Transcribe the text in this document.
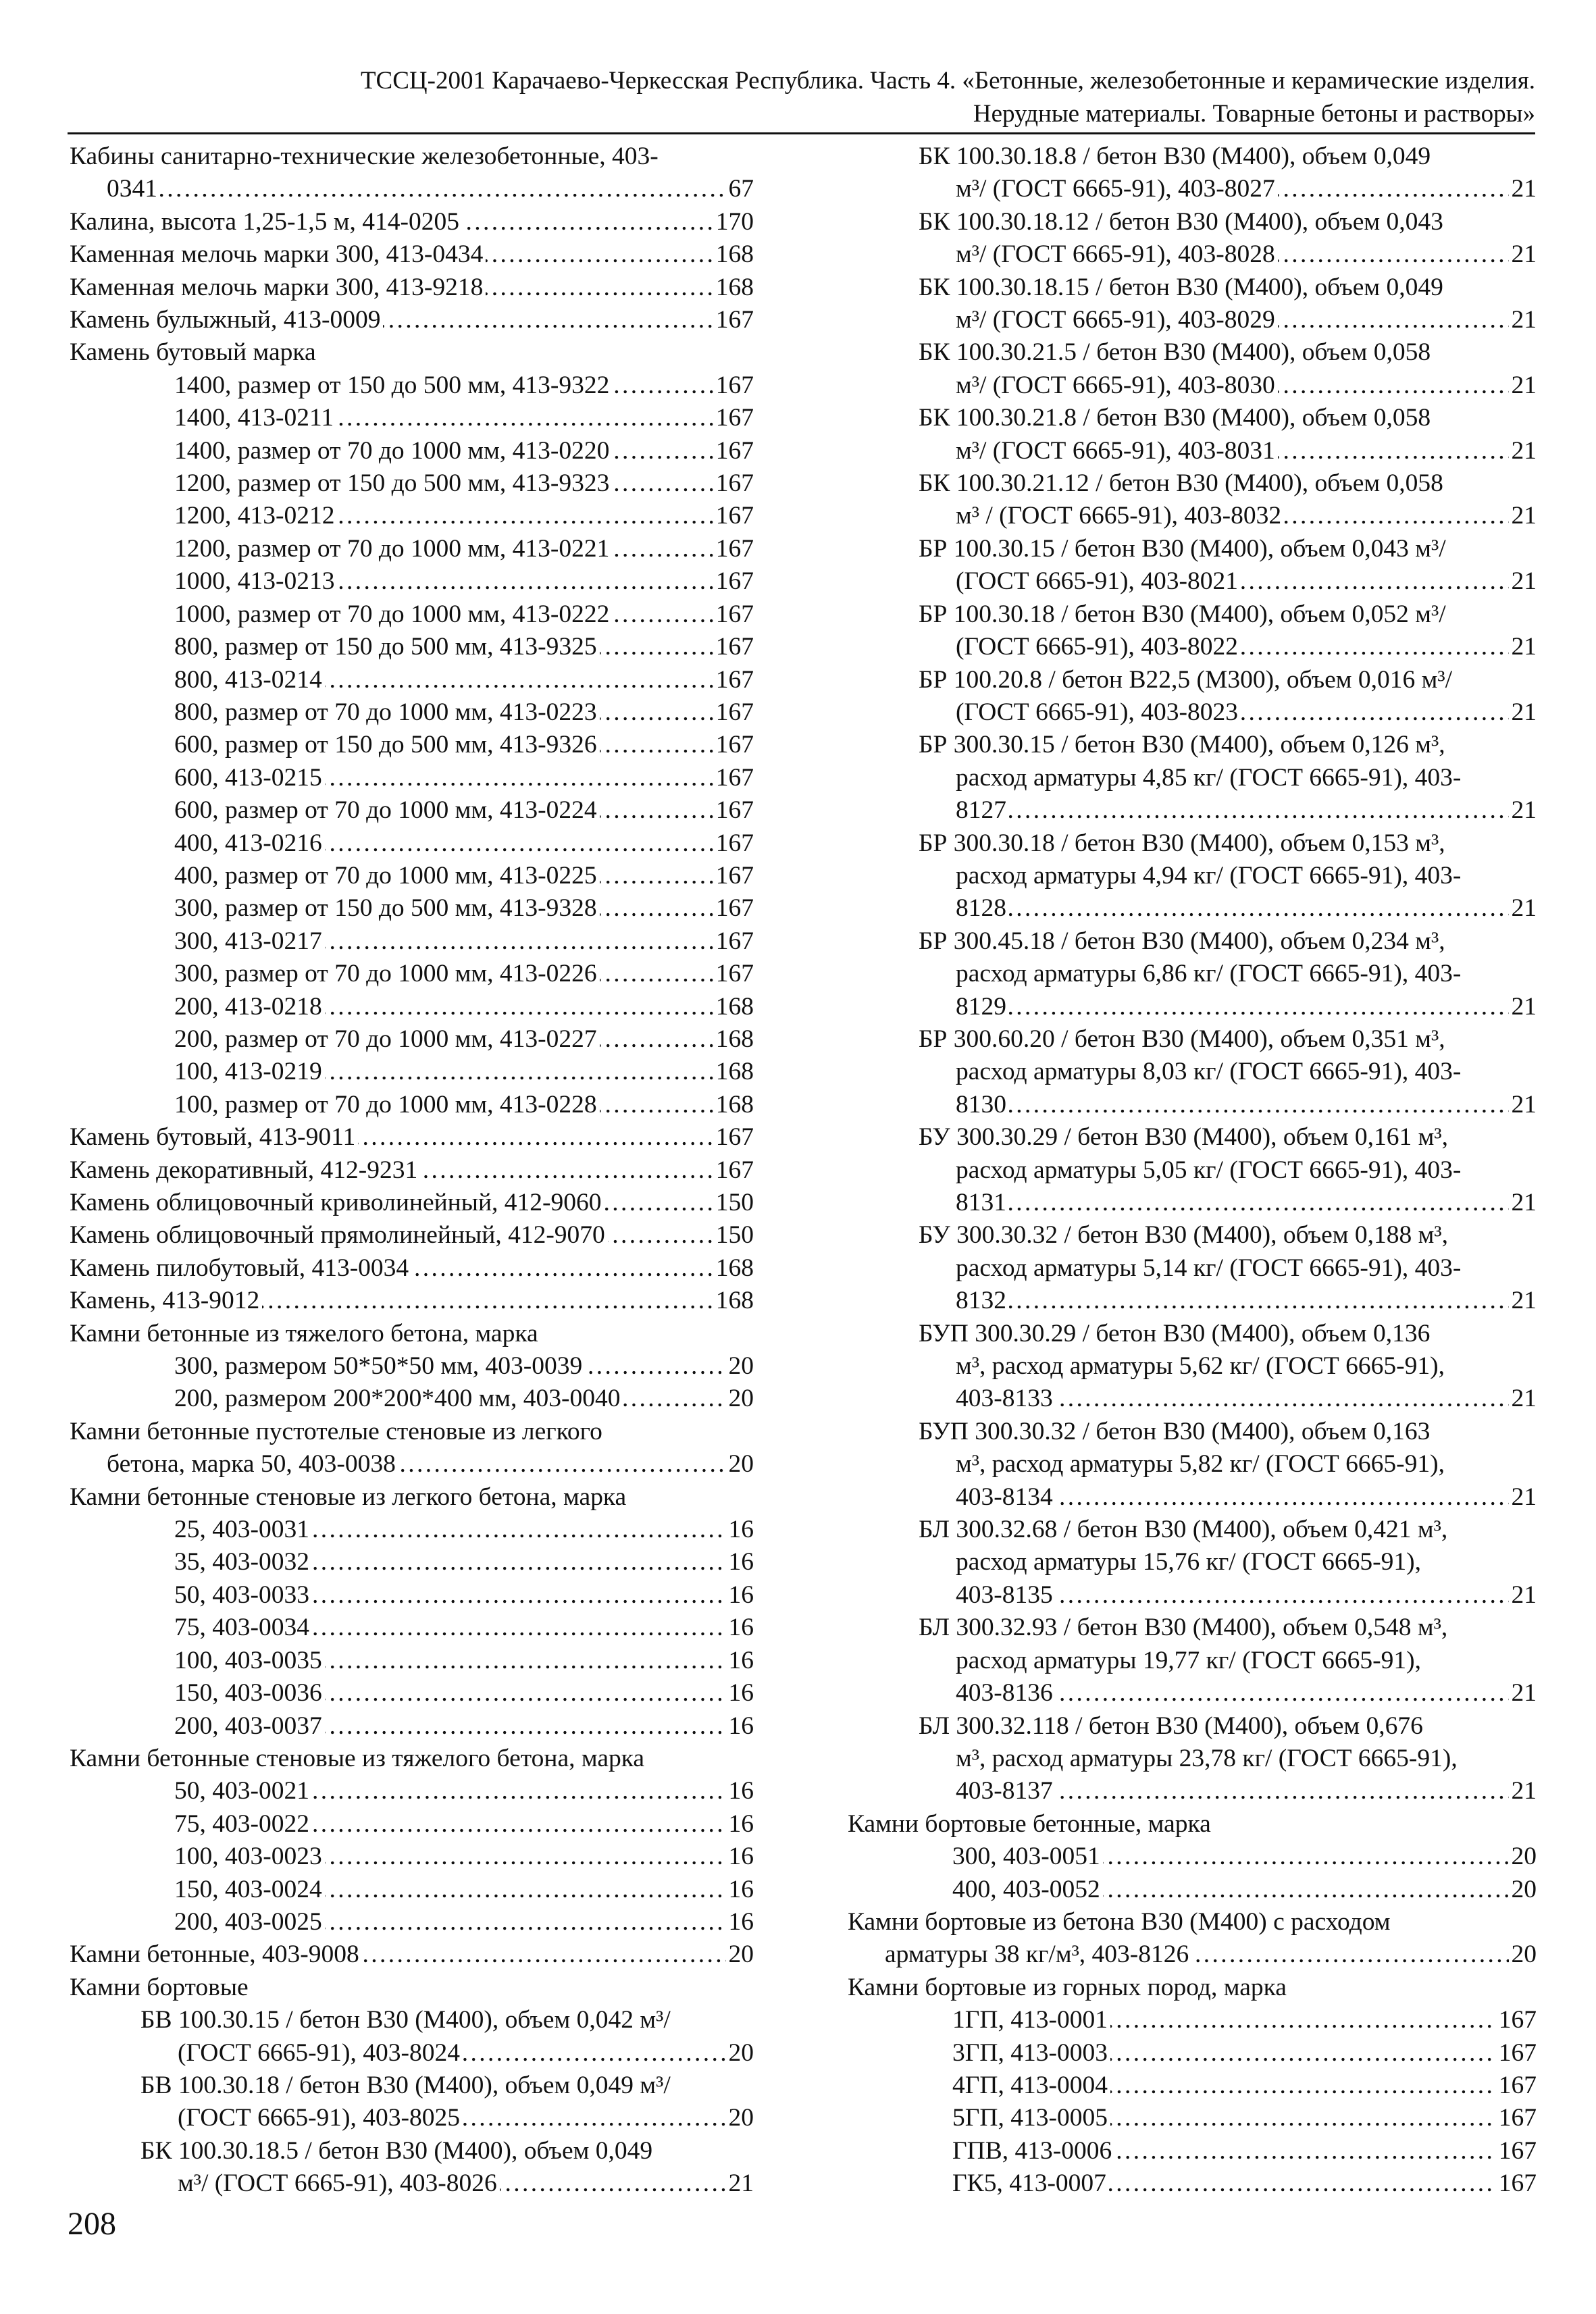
ТССЦ-2001 Карачаево-Черкесская Республика. Часть 4. «Бетонные, железобетонные и керамические изделия.
Нерудные материалы. Товарные бетоны и растворы»
Кабины санитарно-технические железобетонные, 403-
. . . 67
0341
. . . 170
Калина, высота 1,25-1,5 м, 414-0205
. . . 168
Каменная мелочь марки 300, 413-0434
. . . 168
Каменная мелочь марки 300, 413-9218
. . . 167
Камень булыжный, 413-0009
Камень бутовый марка
. . . 167
1400, размер от 150 до 500 мм, 413-9322
. . . 167
1400, 413-0211
. . . 167
1400, размер от 70 до 1000 мм, 413-0220
. . . 167
1200, размер от 150 до 500 мм, 413-9323
. . . 167
1200, 413-0212
. . . 167
1200, размер от 70 до 1000 мм, 413-0221
. . . 167
1000, 413-0213
. . . 167
1000, размер от 70 до 1000 мм, 413-0222
. . . 167
800, размер от 150 до 500 мм, 413-9325
. . . 167
800, 413-0214
. . . 167
800, размер от 70 до 1000 мм, 413-0223
. . . 167
600, размер от 150 до 500 мм, 413-9326
. . . 167
600, 413-0215
. . . 167
600, размер от 70 до 1000 мм, 413-0224
. . . 167
400, 413-0216
. . . 167
400, размер от 70 до 1000 мм, 413-0225
. . . 167
300, размер от 150 до 500 мм, 413-9328
. . . 167
300, 413-0217
. . . 167
300, размер от 70 до 1000 мм, 413-0226
. . . 168
200, 413-0218
. . . 168
200, размер от 70 до 1000 мм, 413-0227
. . . 168
100, 413-0219
. . . 168
100, размер от 70 до 1000 мм, 413-0228
. . . 167
Камень бутовый, 413-9011
. . . 167
Камень декоративный, 412-9231
. . . 150
Камень облицовочный криволинейный, 412-9060
. . . 150
Камень облицовочный прямолинейный, 412-9070
. . . 168
Камень пилобутовый, 413-0034
. . . 168
Камень, 413-9012
Камни бетонные из тяжелого бетона, марка
. . . 20
300, размером 50*50*50 мм, 403-0039
. . . 20
200, размером 200*200*400 мм, 403-0040
Камни бетонные пустотелые стеновые из легкого
. . . 20
бетона, марка 50, 403-0038
Камни бетонные стеновые из легкого бетона, марка
. . . 16
25, 403-0031
. . . 16
35, 403-0032
. . . 16
50, 403-0033
. . . 16
75, 403-0034
. . . 16
100, 403-0035
. . . 16
150, 403-0036
. . . 16
200, 403-0037
Камни бетонные стеновые из тяжелого бетона, марка
. . . 16
50, 403-0021
. . . 16
75, 403-0022
. . . 16
100, 403-0023
. . . 16
150, 403-0024
. . . 16
200, 403-0025
. . . 20
Камни бетонные, 403-9008
Камни бортовые
БВ 100.30.15 / бетон В30 (М400), объем 0,042 м³/
. . . 20
(ГОСТ 6665-91), 403-8024
БВ 100.30.18 / бетон В30 (М400), объем 0,049 м³/
. . . 20
(ГОСТ 6665-91), 403-8025
БК 100.30.18.5 / бетон В30 (М400), объем 0,049
. . . 21
м³/ (ГОСТ 6665-91), 403-8026
БК 100.30.18.8 / бетон В30 (М400), объем 0,049
. . . 21
м³/ (ГОСТ 6665-91), 403-8027
БК 100.30.18.12 / бетон В30 (М400), объем 0,043
. . . 21
м³/ (ГОСТ 6665-91), 403-8028
БК 100.30.18.15 / бетон В30 (М400), объем 0,049
. . . 21
м³/ (ГОСТ 6665-91), 403-8029
БК 100.30.21.5 / бетон В30 (М400), объем 0,058
. . . 21
м³/ (ГОСТ 6665-91), 403-8030
БК 100.30.21.8 / бетон В30 (М400), объем 0,058
. . . 21
м³/ (ГОСТ 6665-91), 403-8031
БК 100.30.21.12 / бетон В30 (М400), объем 0,058
. . . 21
м³ / (ГОСТ 6665-91), 403-8032
БР 100.30.15 / бетон В30 (М400), объем 0,043 м³/
. . . 21
(ГОСТ 6665-91), 403-8021
БР 100.30.18 / бетон В30 (М400), объем 0,052 м³/
. . . 21
(ГОСТ 6665-91), 403-8022
БР 100.20.8 / бетон В22,5 (М300), объем 0,016 м³/
. . . 21
(ГОСТ 6665-91), 403-8023
БР 300.30.15 / бетон В30 (М400), объем 0,126 м³,
расход арматуры 4,85 кг/ (ГОСТ 6665-91), 403-
. . . 21
8127
БР 300.30.18 / бетон В30 (М400), объем 0,153 м³,
расход арматуры 4,94 кг/ (ГОСТ 6665-91), 403-
. . . 21
8128
БР 300.45.18 / бетон В30 (М400), объем 0,234 м³,
расход арматуры 6,86 кг/ (ГОСТ 6665-91), 403-
. . . 21
8129
БР 300.60.20 / бетон В30 (М400), объем 0,351 м³,
расход арматуры 8,03 кг/ (ГОСТ 6665-91), 403-
. . . 21
8130
БУ 300.30.29 / бетон В30 (М400), объем 0,161 м³,
расход арматуры 5,05 кг/ (ГОСТ 6665-91), 403-
. . . 21
8131
БУ 300.30.32 / бетон В30 (М400), объем 0,188 м³,
расход арматуры 5,14 кг/ (ГОСТ 6665-91), 403-
. . . 21
8132
БУП 300.30.29 / бетон В30 (М400), объем 0,136
м³, расход арматуры 5,62 кг/ (ГОСТ 6665-91),
. . . 21
403-8133
БУП 300.30.32 / бетон В30 (М400), объем 0,163
м³, расход арматуры 5,82 кг/ (ГОСТ 6665-91),
. . . 21
403-8134
БЛ 300.32.68 / бетон В30 (М400), объем 0,421 м³,
расход арматуры 15,76 кг/ (ГОСТ 6665-91),
. . . 21
403-8135
БЛ 300.32.93 / бетон В30 (М400), объем 0,548 м³,
расход арматуры 19,77 кг/ (ГОСТ 6665-91),
. . . 21
403-8136
БЛ 300.32.118 / бетон В30 (М400), объем 0,676
м³, расход арматуры 23,78 кг/ (ГОСТ 6665-91),
. . . 21
403-8137
Камни бортовые бетонные, марка
. . . 20
300, 403-0051
. . . 20
400, 403-0052
Камни бортовые из бетона В30 (М400) с расходом
. . . 20
арматуры 38 кг/м³, 403-8126
Камни бортовые из горных пород, марка
. . . 167
1ГП, 413-0001
. . . 167
3ГП, 413-0003
. . . 167
4ГП, 413-0004
. . . 167
5ГП, 413-0005
. . . 167
ГПВ, 413-0006
. . . 167
ГК5, 413-0007
208
